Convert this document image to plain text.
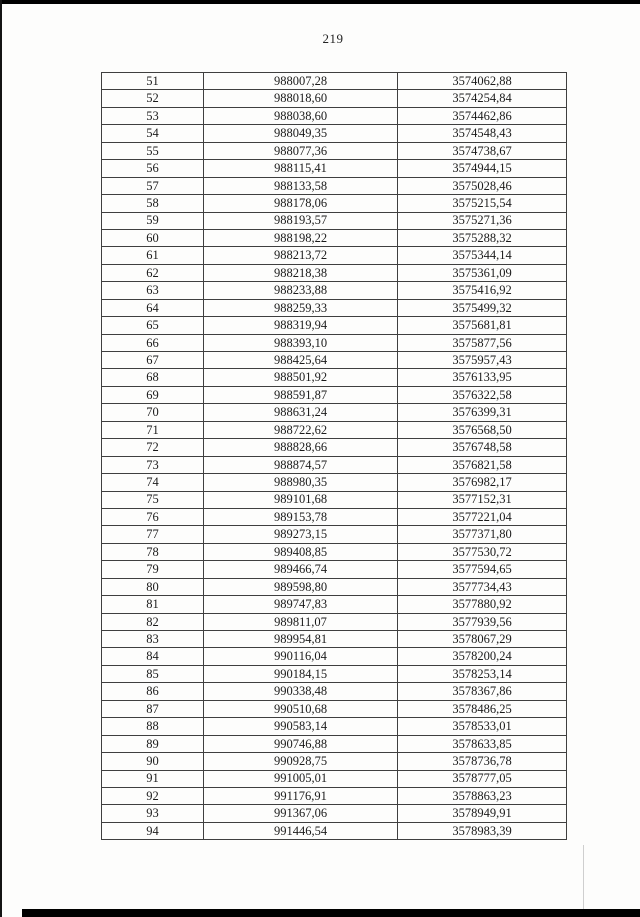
219
51	988007,28	3574062,88
52	988018,60	3574254,84
53	988038,60	3574462,86
54	988049,35	3574548,43
55	988077,36	3574738,67
56	988115,41	3574944,15
57	988133,58	3575028,46
58	988178,06	3575215,54
59	988193,57	3575271,36
60	988198,22	3575288,32
61	988213,72	3575344,14
62	988218,38	3575361,09
63	988233,88	3575416,92
64	988259,33	3575499,32
65	988319,94	3575681,81
66	988393,10	3575877,56
67	988425,64	3575957,43
68	988501,92	3576133,95
69	988591,87	3576322,58
70	988631,24	3576399,31
71	988722,62	3576568,50
72	988828,66	3576748,58
73	988874,57	3576821,58
74	988980,35	3576982,17
75	989101,68	3577152,31
76	989153,78	3577221,04
77	989273,15	3577371,80
78	989408,85	3577530,72
79	989466,74	3577594,65
80	989598,80	3577734,43
81	989747,83	3577880,92
82	989811,07	3577939,56
83	989954,81	3578067,29
84	990116,04	3578200,24
85	990184,15	3578253,14
86	990338,48	3578367,86
87	990510,68	3578486,25
88	990583,14	3578533,01
89	990746,88	3578633,85
90	990928,75	3578736,78
91	991005,01	3578777,05
92	991176,91	3578863,23
93	991367,06	3578949,91
94	991446,54	3578983,39
